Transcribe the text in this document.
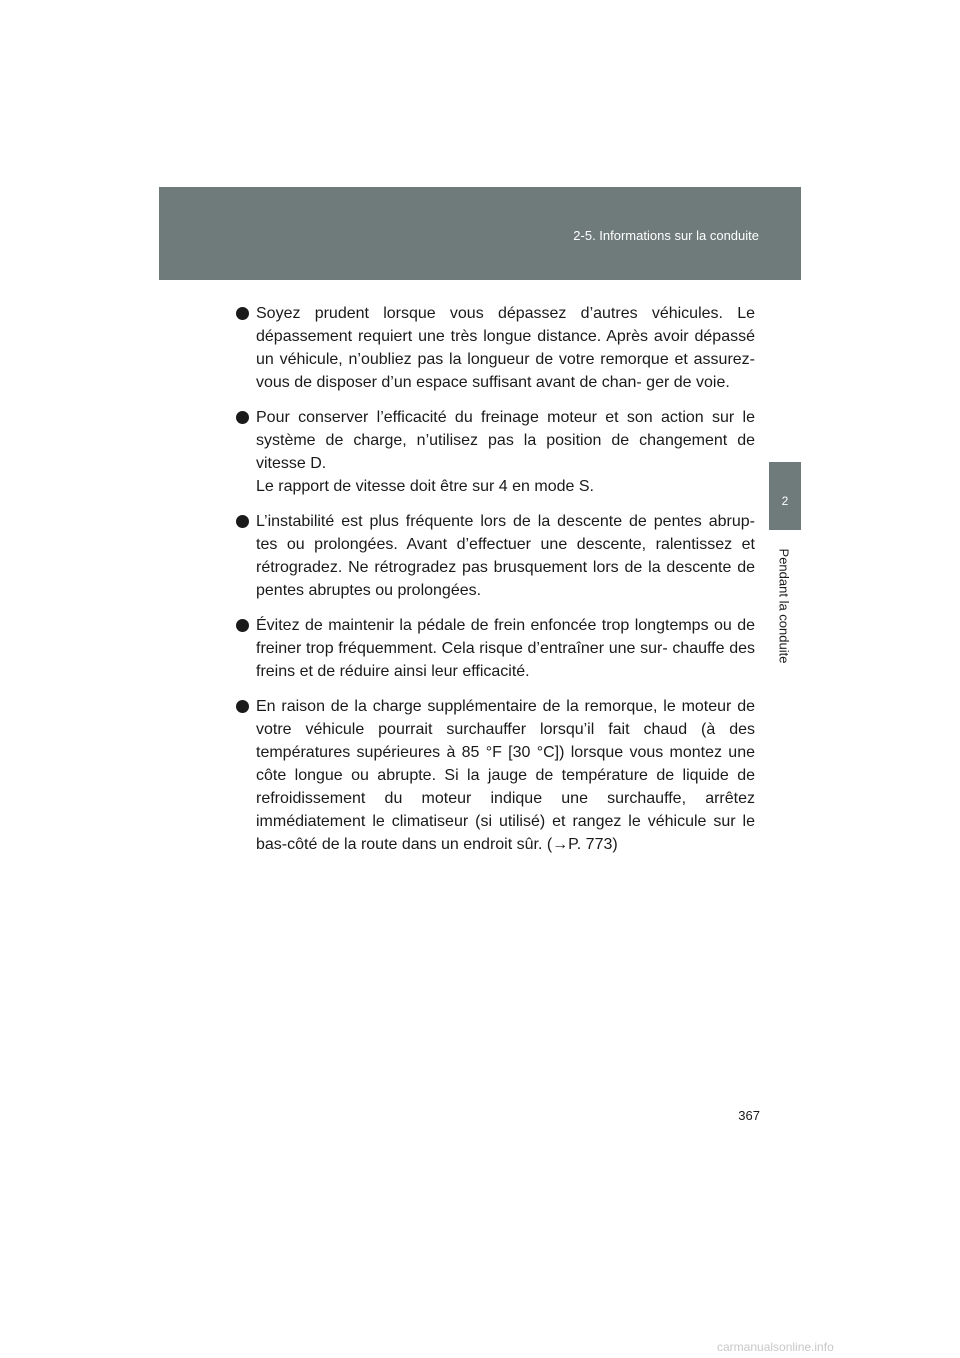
2-5. Informations sur la conduite
2
Pendant la conduite
Soyez prudent lorsque vous dépassez d’autres véhicules. Le dépassement requiert une très longue distance. Après avoir dépassé un véhicule, n’oubliez pas la longueur de votre remorque et assurez-vous de disposer d’un espace suffisant avant de chan- ger de voie.
Pour conserver l’efficacité du freinage moteur et son action sur le système de charge, n’utilisez pas la position de changement de vitesse D.
Le rapport de vitesse doit être sur 4 en mode S.
L’instabilité est plus fréquente lors de la descente de pentes abrup- tes ou prolongées. Avant d’effectuer une descente, ralentissez et rétrogradez. Ne rétrogradez pas brusquement lors de la descente de pentes abruptes ou prolongées.
Évitez de maintenir la pédale de frein enfoncée trop longtemps ou de freiner trop fréquemment. Cela risque d’entraîner une sur- chauffe des freins et de réduire ainsi leur efficacité.
En raison de la charge supplémentaire de la remorque, le moteur de votre véhicule pourrait surchauffer lorsqu’il fait chaud (à des températures supérieures à 85 °F [30 °C]) lorsque vous montez une côte longue ou abrupte. Si la jauge de température de liquide de refroidissement du moteur indique une surchauffe, arrêtez immédiatement le climatiseur (si utilisé) et rangez le véhicule sur le bas-côté de la route dans un endroit sûr. (→P. 773)
367
carmanualsonline.info
